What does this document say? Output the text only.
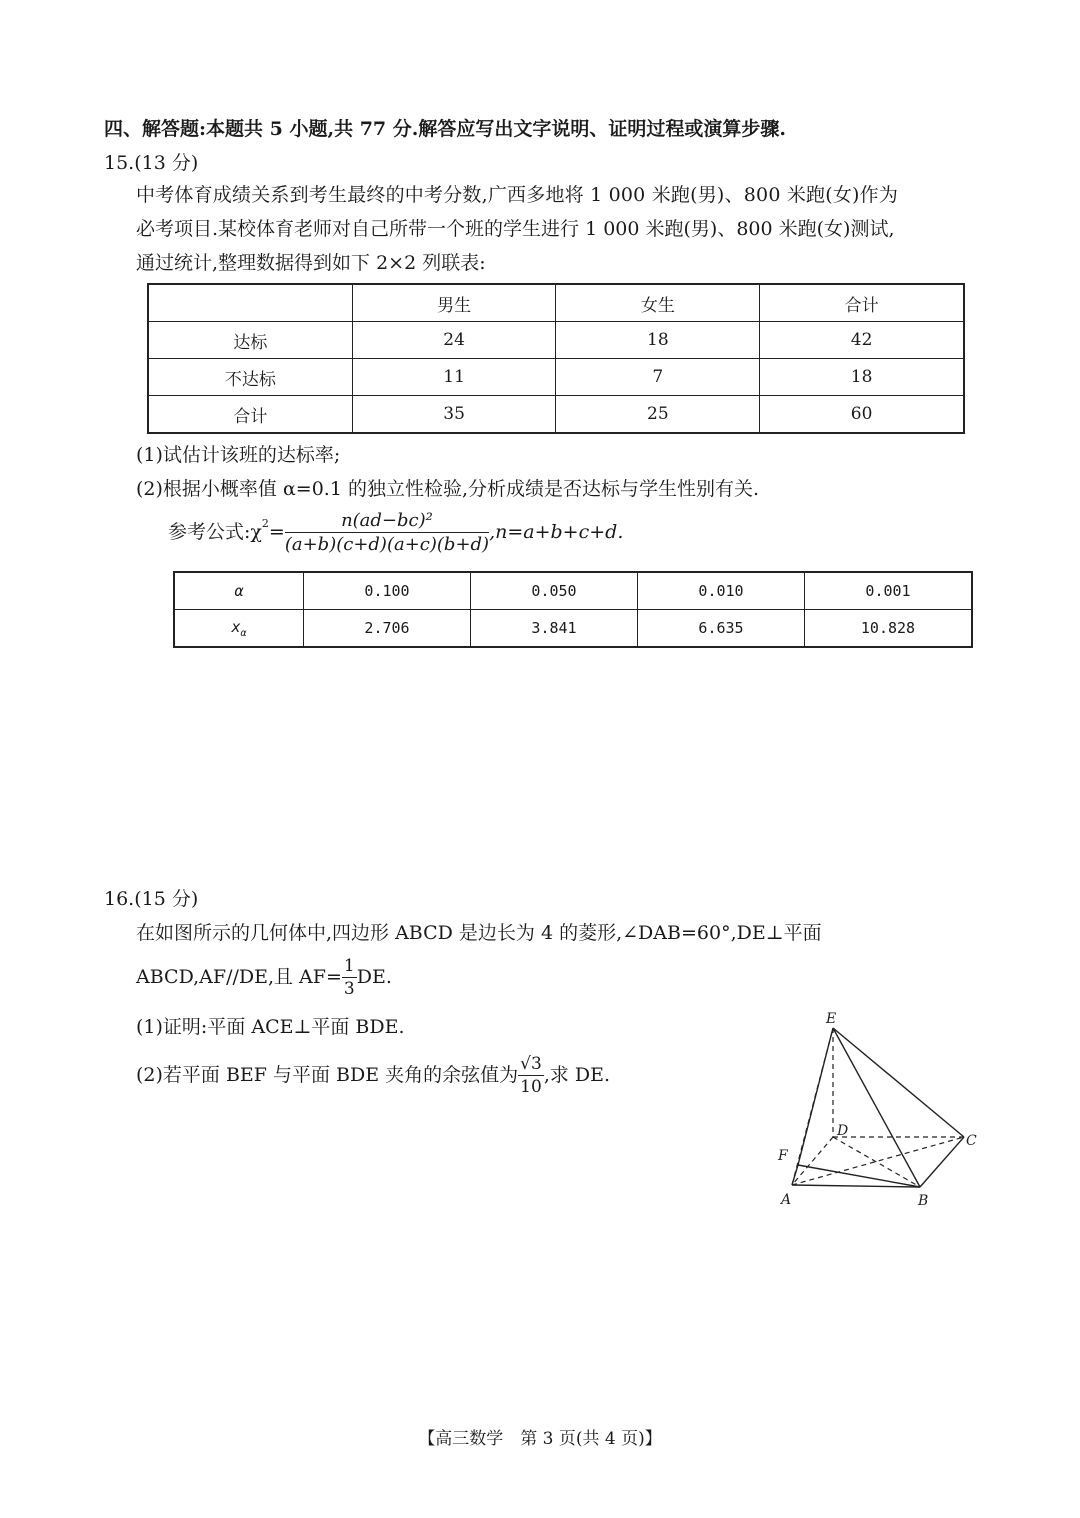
四、解答题:本题共 5 小题,共 77 分.解答应写出文字说明、证明过程或演算步骤.
15.(13 分)
中考体育成绩关系到考生最终的中考分数,广西多地将 1 000 米跑(男)、800 米跑(女)作为
必考项目.某校体育老师对自己所带一个班的学生进行 1 000 米跑(男)、800 米跑(女)测试,
通过统计,整理数据得到如下 2×2 列联表:
	男生	女生	合计
达标	24	18	42
不达标	11	7	18
合计	35	25	60
(1)试估计该班的达标率;
(2)根据小概率值 α=0.1 的独立性检验,分析成绩是否达标与学生性别有关.
参考公式$:\chi^2 = \frac{\text{n(ad−bc)²}}{(a+b)(c+d)(a+c)(b+d)} ,n=a+b+c+d$.
α	0.100	0.050	0.010	0.001
$x_\alpha$	2.706	3.841	6.635	10.828
16.(15 分)
在如图所示的几何体中,四边形 ABCD 是边长为 4 的菱形,∠DAB=60°,DE⊥平面
ABCD,AF//DE,且 $AF= \frac{1}{3}$ DE.
(1)证明:平面 ACE⊥平面 BDE.
(2)若平面 BEF 与平面 BDE 夹角的余弦值为 $\frac{√3}{10}$ ,求 DE.
E
D
C
F
A	B
【高三数学　第 3 页(共 4 页)】
